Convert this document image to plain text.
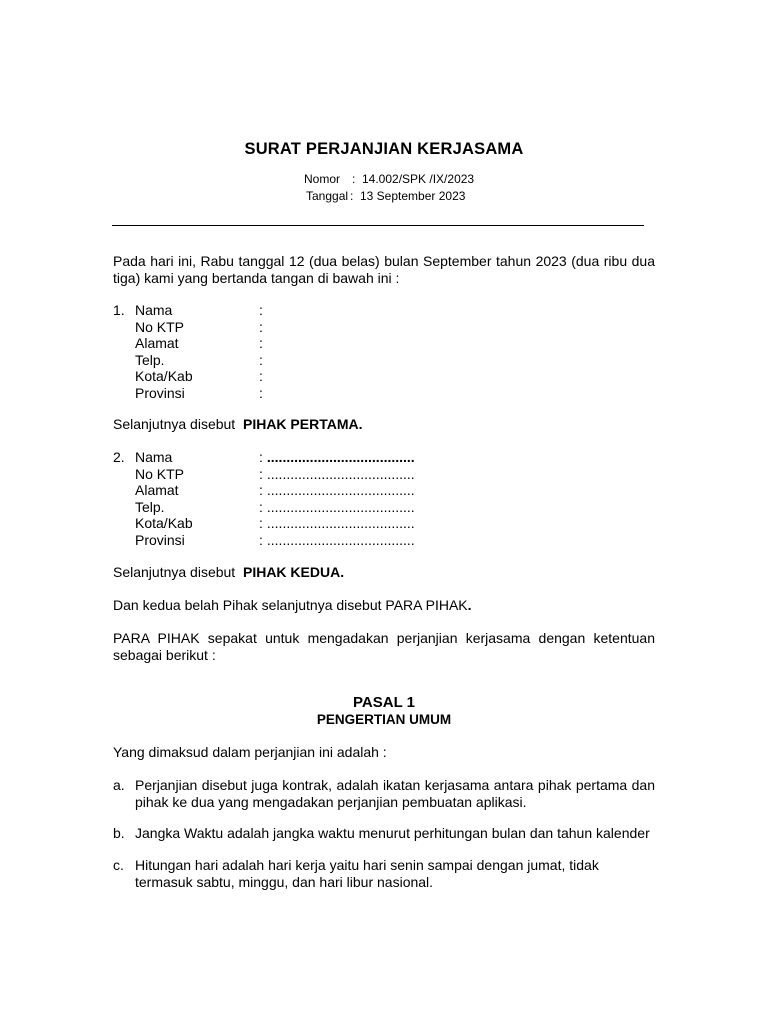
SURAT PERJANJIAN KERJASAMA
Nomor : 14.002/SPK /IX/2023
Tanggal : 13 September 2023
Pada hari ini, Rabu tanggal 12 (dua belas) bulan September tahun 2023 (dua ribu dua tiga) kami yang bertanda tangan di bawah ini :
1. Nama	:
No KTP	:
Alamat	:
Telp.	:
Kota/Kab	:
Provinsi	:
Selanjutnya disebut PIHAK PERTAMA.
2. Nama	: ......................................
No KTP	: ......................................
Alamat	: ......................................
Telp.	: ......................................
Kota/Kab	: ......................................
Provinsi	: ......................................
Selanjutnya disebut PIHAK KEDUA.
Dan kedua belah Pihak selanjutnya disebut PARA PIHAK.
PARA PIHAK sepakat untuk mengadakan perjanjian kerjasama dengan ketentuan sebagai berikut :
PASAL 1
PENGERTIAN UMUM
Yang dimaksud dalam perjanjian ini adalah :
a. Perjanjian disebut juga kontrak, adalah ikatan kerjasama antara pihak pertama dan pihak ke dua yang mengadakan perjanjian pembuatan aplikasi.
b. Jangka Waktu adalah jangka waktu menurut perhitungan bulan dan tahun kalender
c. Hitungan hari adalah hari kerja yaitu hari senin sampai dengan jumat, tidak termasuk sabtu, minggu, dan hari libur nasional.
